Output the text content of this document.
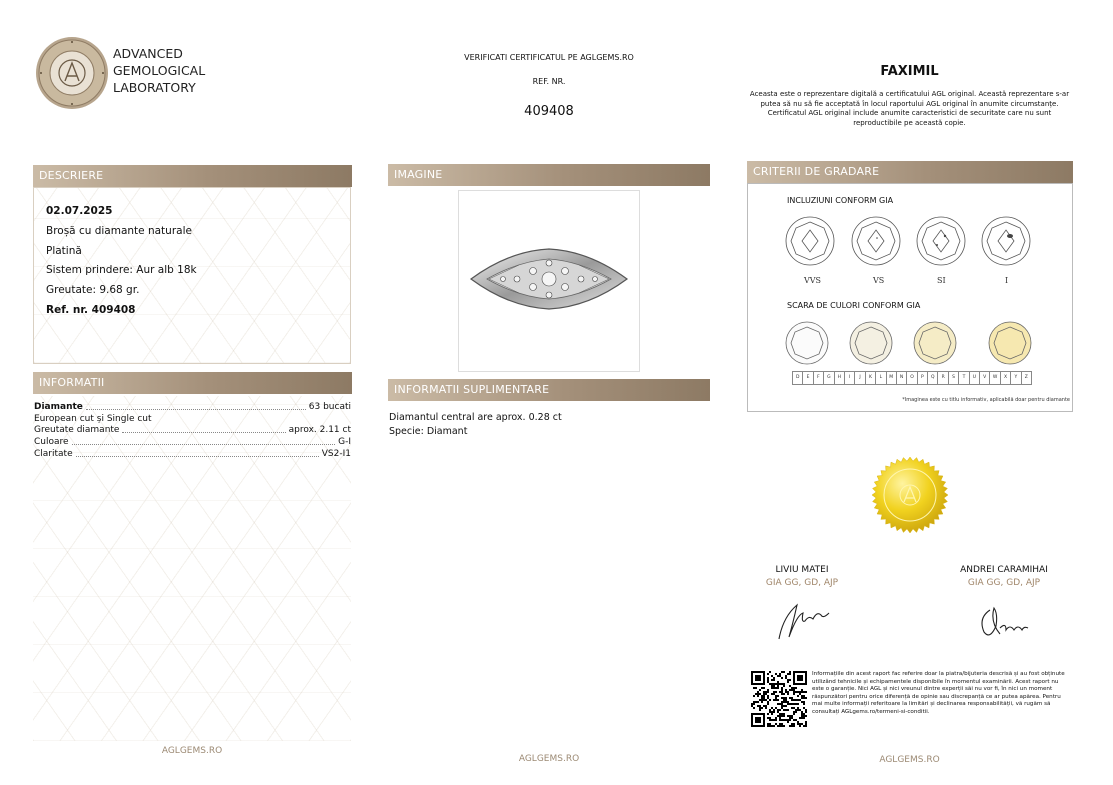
ADVANCED
GEMOLOGICAL
LABORATORY
VERIFICATI CERTIFICATUL PE AGLGEMS.RO
REF. NR.
409408
FAXIMIL
Aceasta este o reprezentare digitală a certificatului AGL original. Această reprezentare s-ar putea să nu să fie acceptată în locul raportului AGL original în anumite circumstanțe. Certificatul AGL original include anumite caracteristici de securitate care nu sunt reproductibile pe această copie.
DESCRIERE
02.07.2025
Broșă cu diamante naturale
Platină
Sistem prindere: Aur alb 18k
Greutate: 9.68 gr.
Ref. nr. 409408
INFORMATII
Diamante	63 bucati
European cut și Single cut
Greutate diamante	aprox. 2.11 ct
Culoare	G-I
Claritate	VS2-I1
IMAGINE
INFORMATII SUPLIMENTARE
Diamantul central are aprox. 0.28 ct
Specie: Diamant
CRITERII DE GRADARE
INCLUZIUNI CONFORM GIA
VVS	VS	SI	I
SCARA DE CULORI CONFORM GIA
D	E	F	G	H	I	J	K	L	M	N	O	P	Q	R	S	T	U	V	W	X	Y	Z
*Imaginea este cu titlu informativ, aplicabilă doar pentru diamante
LIVIU MATEI
GIA GG, GD, AJP
ANDREI CARAMIHAI
GIA GG, GD, AJP
Informațiile din acest raport fac referire doar la piatra/bijuteria descrisă și au fost obținute utilizând tehnicile și echipamentele disponibile în momentul examinării. Acest raport nu este o garanție. Nici AGL și nici vreunul dintre experții săi nu vor fi, în nici un moment răspunzători pentru orice diferență de opinie sau discrepanță ce ar putea apărea. Pentru mai multe informații referitoare la limitări și declinarea responsabilității, vă rugăm să consultați AGLgems.ro/termeni-si-conditii.
AGLGEMS.RO
AGLGEMS.RO	AGLGEMS.RO
